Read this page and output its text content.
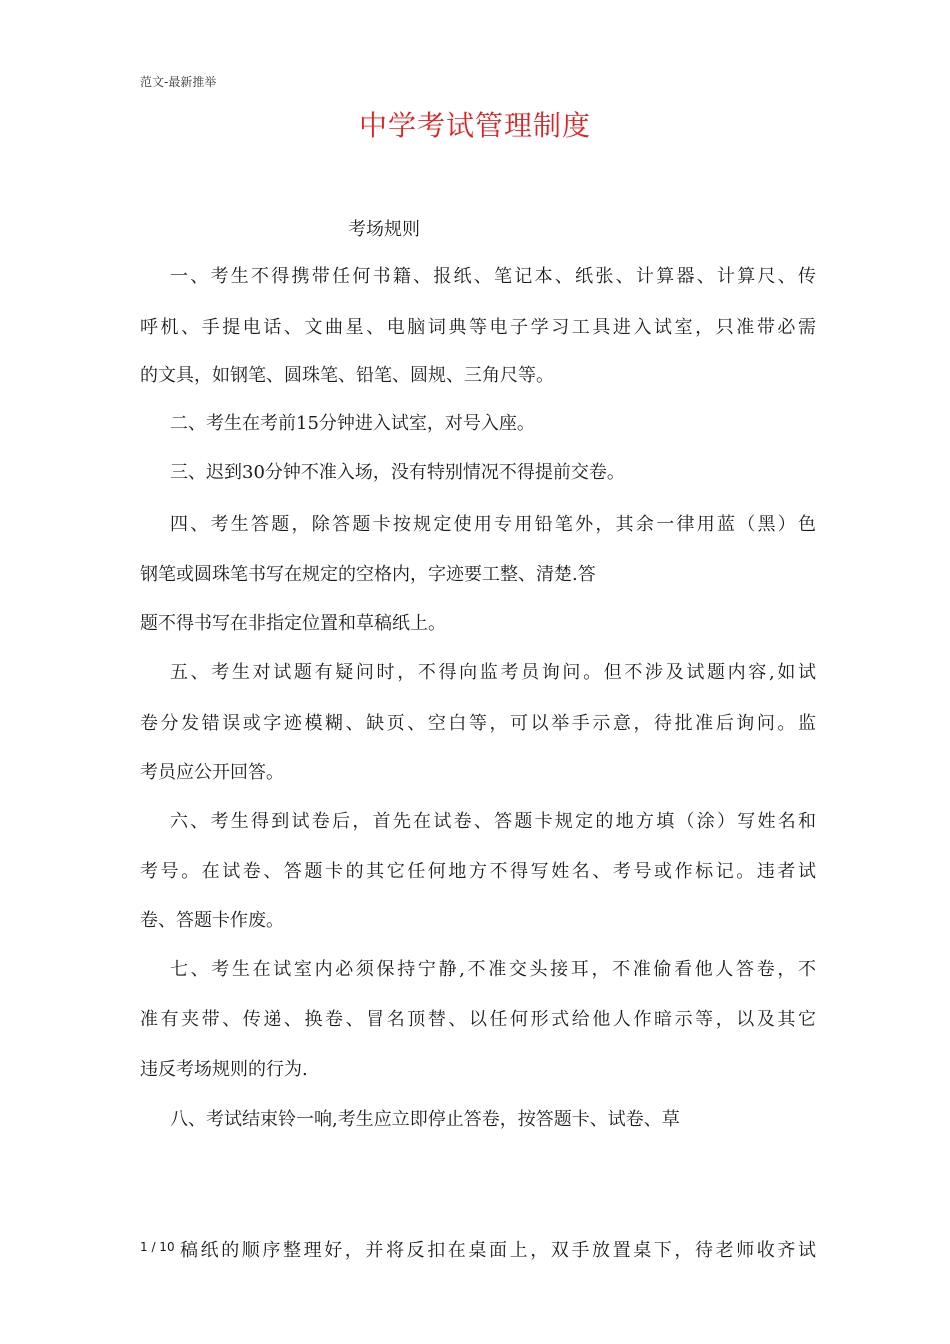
范文-最新推举
中学考试管理制度
考场规则
一、考生不得携带任何书籍、报纸、笔记本、纸张、计算器、计算尺、传
呼机、手提电话、文曲星、电脑词典等电子学习工具进入试室，只准带必需
的文具，如钢笔、圆珠笔、铅笔、圆规、三角尺等。
二、考生在考前15分钟进入试室，对号入座。
三、迟到30分钟不准入场，没有特别情况不得提前交卷。
四、考生答题，除答题卡按规定使用专用铅笔外，其余一律用蓝（黑）色
钢笔或圆珠笔书写在规定的空格内，字迹要工整、清楚.答
题不得书写在非指定位置和草稿纸上。
五、考生对试题有疑问时，不得向监考员询问。但不涉及试题内容,如试
卷分发错误或字迹模糊、缺页、空白等，可以举手示意，待批准后询问。监
考员应公开回答。
六、考生得到试卷后，首先在试卷、答题卡规定的地方填（涂）写姓名和
考号。在试卷、答题卡的其它任何地方不得写姓名、考号或作标记。违者试
卷、答题卡作废。
七、考生在试室内必须保持宁静,不准交头接耳，不准偷看他人答卷，不
准有夹带、传递、换卷、冒名顶替、以任何形式给他人作暗示等，以及其它
违反考场规则的行为.
八、考试结束铃一响,考生应立即停止答卷，按答题卡、试卷、草
1 / 10 稿纸的顺序整理好，并将反扣在桌面上，双手放置桌下，待老师收齐试
